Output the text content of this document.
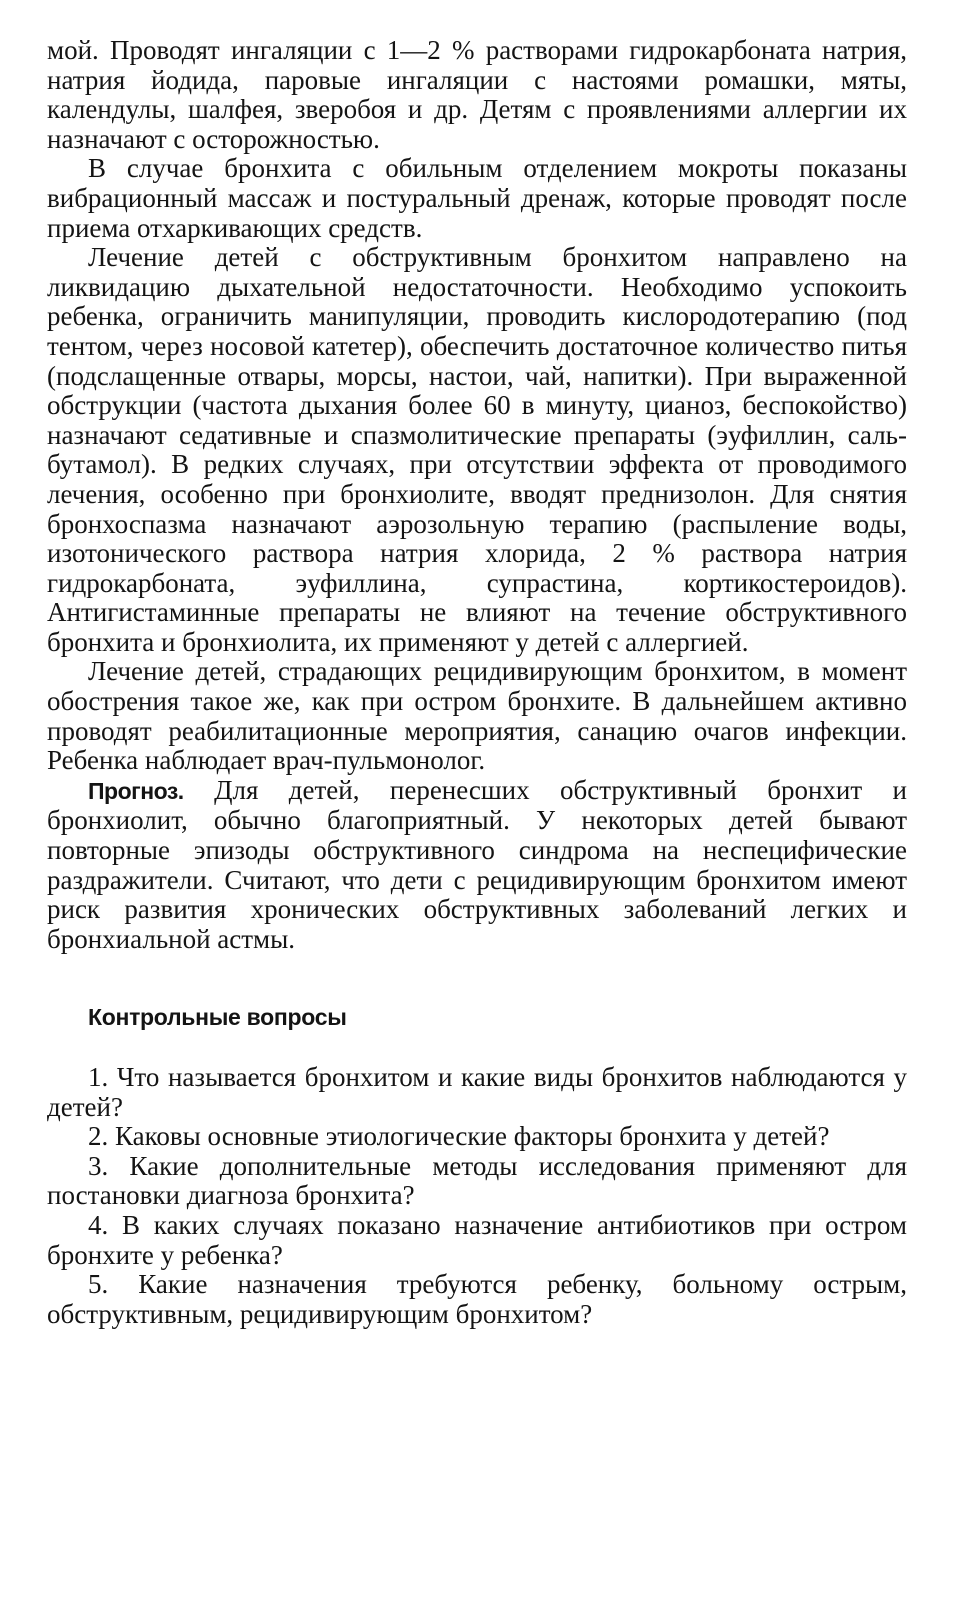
мой. Проводят ингаляции с 1—2 % растворами гидрокарбоната натрия, натрия йодида, паровые ингаляции с настоями ромашки, мяты, календулы, шалфея, зверобоя и др. Детям с проявлениями аллергии их назначают с осторожностью.

В случае бронхита с обильным отделением мокроты показаны вибрационный массаж и постуральный дренаж, которые проводят после приема отхаркивающих средств.

Лечение детей с обструктивным бронхитом направлено на ликвидацию дыхательной недостаточности. Необходимо успокоить ребенка, ограничить манипуляции, проводить кислородотерапию (под тентом, через носовой катетер), обеспечить достаточное количество питья (подслащенные отвары, морсы, настои, чай, напитки). При выраженной обструкции (частота дыхания более 60 в минуту, цианоз, беспокойство) назначают седативные и спазмолитические препараты (эуфиллин, сальбутамол). В редких случаях, при отсутствии эффекта от проводимого лечения, особенно при бронхиолите, вводят преднизолон. Для снятия бронхоспазма назначают аэрозольную терапию (распыление воды, изотонического раствора натрия хлорида, 2 % раствора натрия гидрокарбоната, эуфиллина, супрастина, кортикостероидов). Антигистаминные препараты не влияют на течение обструктивного бронхита и бронхиолита, их применяют у детей с аллергией.

Лечение детей, страдающих рецидивирующим бронхитом, в момент обострения такое же, как при остром бронхите. В дальнейшем активно проводят реабилитационные мероприятия, санацию очагов инфекции. Ребенка наблюдает врач-пульмонолог.

Прогноз. Для детей, перенесших обструктивный бронхит и бронхиолит, обычно благоприятный. У некоторых детей бывают повторные эпизоды обструктивного синдрома на неспецифические раздражители. Считают, что дети с рецидивирующим бронхитом имеют риск развития хронических обструктивных заболеваний легких и бронхиальной астмы.

Контрольные вопросы
1. Что называется бронхитом и какие виды бронхитов наблюдаются у детей?
2. Каковы основные этиологические факторы бронхита у детей?
3. Какие дополнительные методы исследования применяют для постановки диагноза бронхита?
4. В каких случаях показано назначение антибиотиков при остром бронхите у ребенка?
5. Какие назначения требуются ребенку, больному острым, обструктивным, рецидивирующим бронхитом?
